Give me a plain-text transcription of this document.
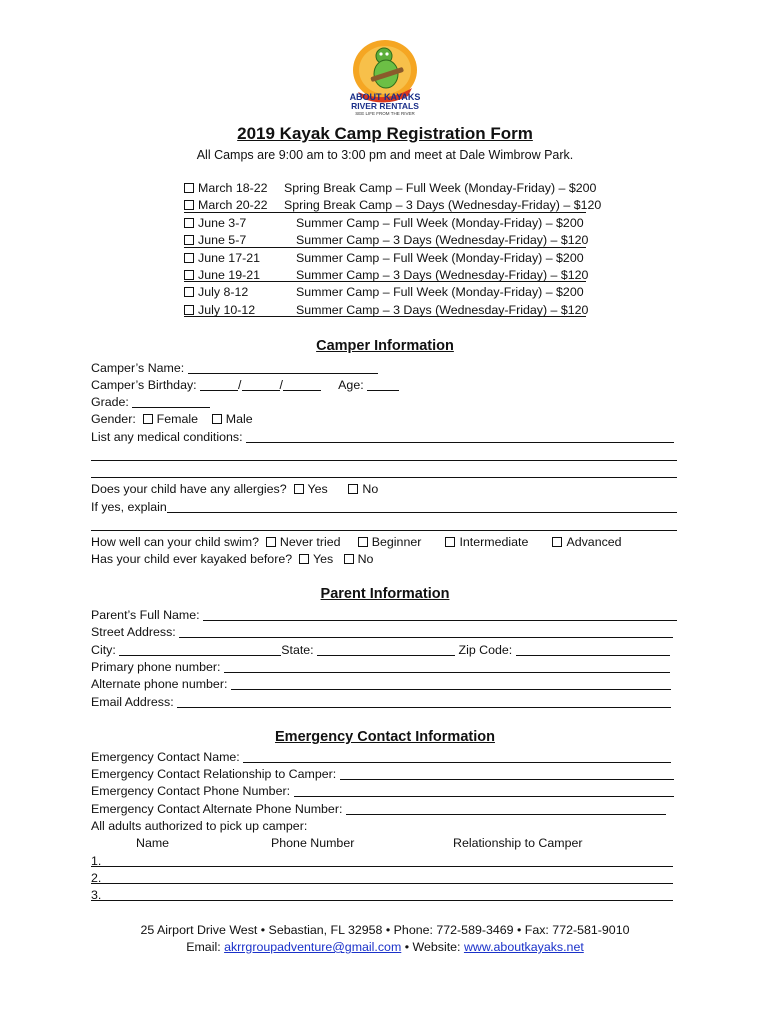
ABOUT KAYAKS
RIVER RENTALS
SEE LIFE FROM THE RIVER
2019 Kayak Camp Registration Form
All Camps are 9:00 am to 3:00 pm and meet at Dale Wimbrow Park.
March 18-22 Spring Break Camp – Full Week (Monday-Friday) – $200
March 20-22 Spring Break Camp – 3 Days (Wednesday-Friday) – $120
June 3-7	Summer Camp – Full Week (Monday-Friday) – $200
June 5-7	Summer Camp – 3 Days (Wednesday-Friday) – $120
June 17-21	Summer Camp – Full Week (Monday-Friday) – $200
June 19-21	Summer Camp – 3 Days (Wednesday-Friday) – $120
July 8-12	Summer Camp – Full Week (Monday-Friday) – $200
July 10-12	Summer Camp – 3 Days (Wednesday-Friday) – $120
Camper Information
Camper’s Name:
Camper’s Birthday:	/	/	Age:
Grade:
Gender: Female Male
List any medical conditions:
Does your child have any allergies? Yes	No
If yes, explain
How well can your child swim? Never tried	Beginner	Intermediate	Advanced
Has your child ever kayaked before? Yes No
Parent Information
Parent’s Full Name:
Street Address:
City:	State:	Zip Code:
Primary phone number:
Alternate phone number:
Email Address:
Emergency Contact Information
Emergency Contact Name:
Emergency Contact Relationship to Camper:
Emergency Contact Phone Number:
Emergency Contact Alternate Phone Number:
All adults authorized to pick up camper:
Name	Phone Number	Relationship to Camper
1.
2.
3.
25 Airport Drive West • Sebastian, FL 32958 • Phone: 772-589-3469 • Fax: 772-581-9010
Email: akrrgroupadventure@gmail.com • Website: www.aboutkayaks.net
